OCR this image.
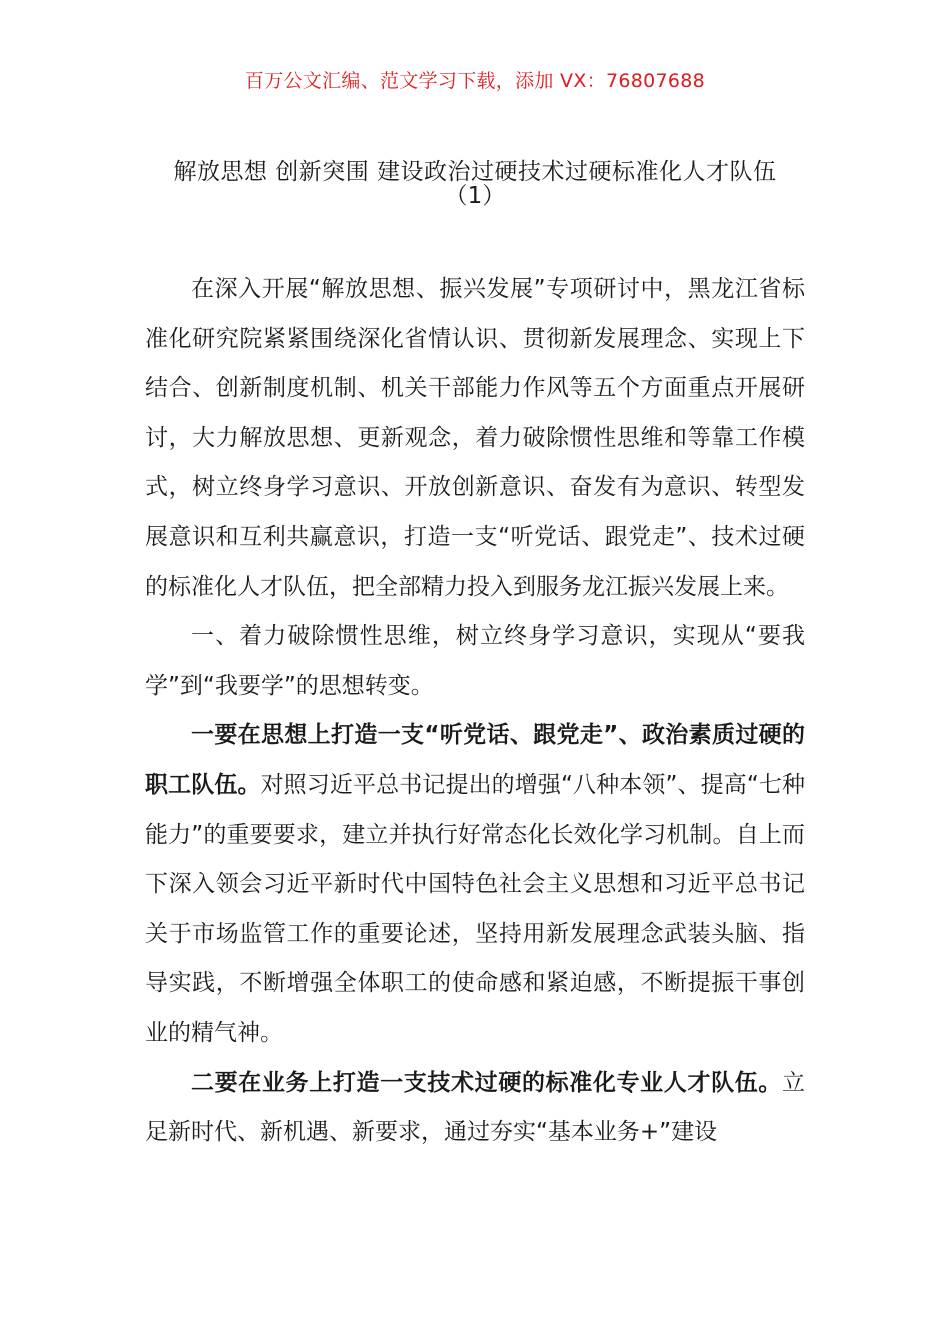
百万公文汇编、范文学习下载，添加 VX：76807688
解放思想 创新突围 建设政治过硬技术过硬标准化人才队伍
（1）

在深入开展“解放思想、振兴发展”专项研讨中，黑龙江省标准化研究院紧紧围绕深化省情认识、贯彻新发展理念、实现上下结合、创新制度机制、机关干部能力作风等五个方面重点开展研讨，大力解放思想、更新观念，着力破除惯性思维和等靠工作模式，树立终身学习意识、开放创新意识、奋发有为意识、转型发展意识和互利共赢意识，打造一支“听党话、跟党走”、技术过硬的标准化人才队伍，把全部精力投入到服务龙江振兴发展上来。

一、着力破除惯性思维，树立终身学习意识，实现从“要我学”到“我要学”的思想转变。

一要在思想上打造一支“听党话、跟党走”、政治素质过硬的职工队伍。对照习近平总书记提出的增强“八种本领”、提高“七种能力”的重要要求，建立并执行好常态化长效化学习机制。自上而下深入领会习近平新时代中国特色社会主义思想和习近平总书记关于市场监管工作的重要论述，坚持用新发展理念武装头脑、指导实践，不断增强全体职工的使命感和紧迫感，不断提振干事创业的精气神。

二要在业务上打造一支技术过硬的标准化专业人才队伍。立足新时代、新机遇、新要求，通过夯实“基本业务+”建设
